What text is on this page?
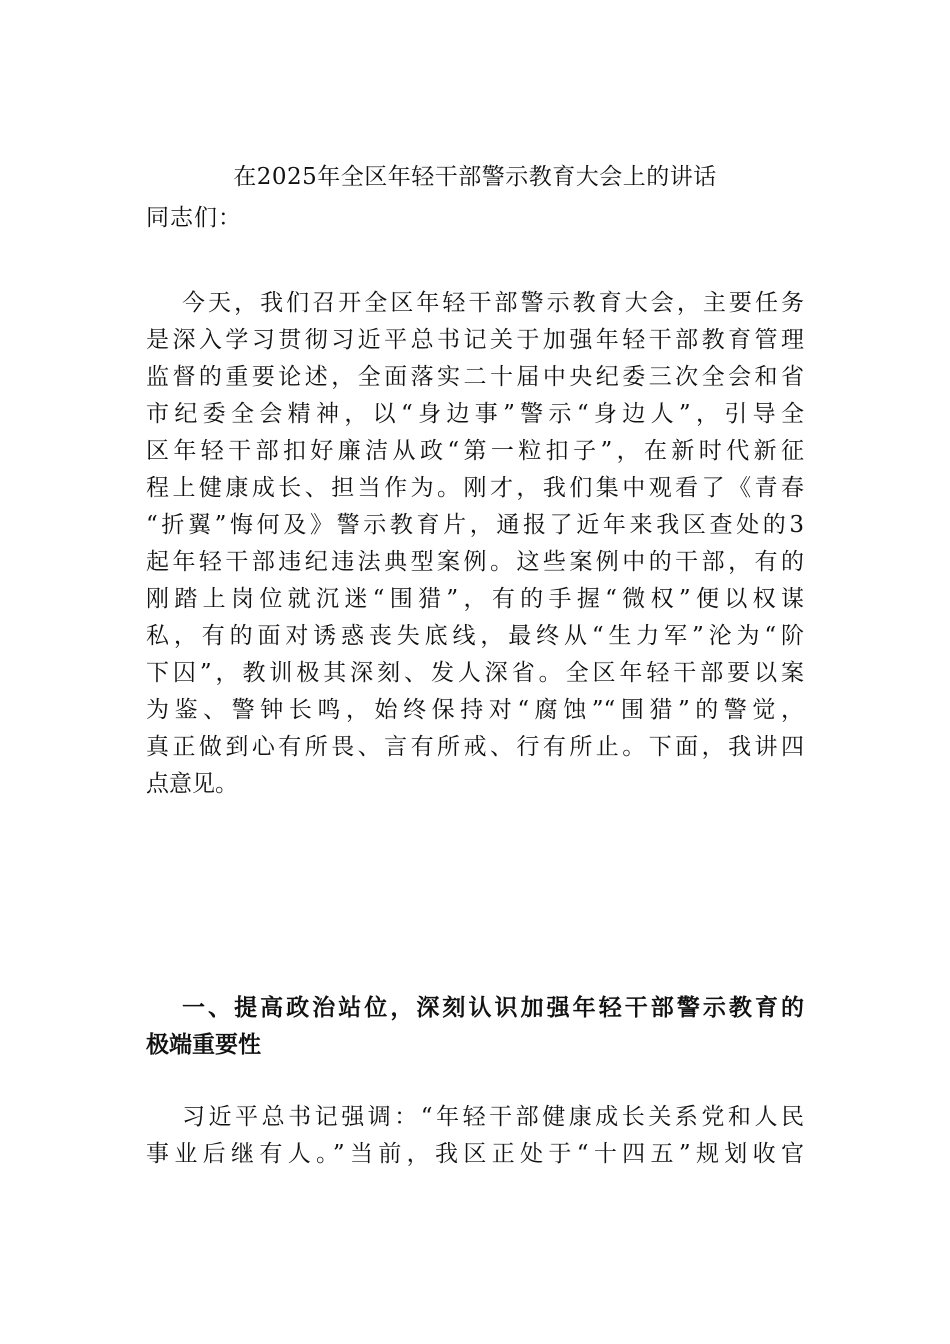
在2025年全区年轻干部警示教育大会上的讲话
同志们：
今天，我们召开全区年轻干部警示教育大会，主要任务
是深入学习贯彻习近平总书记关于加强年轻干部教育管理
监督的重要论述，全面落实二十届中央纪委三次全会和省
市纪委全会精神，以“身边事”警示“身边人”，引导全
区年轻干部扣好廉洁从政“第一粒扣子”，在新时代新征
程上健康成长、担当作为。刚才，我们集中观看了《青春
“折翼”悔何及》警示教育片，通报了近年来我区查处的3
起年轻干部违纪违法典型案例。这些案例中的干部，有的
刚踏上岗位就沉迷“围猎”，有的手握“微权”便以权谋
私，有的面对诱惑丧失底线，最终从“生力军”沦为“阶
下囚”，教训极其深刻、发人深省。全区年轻干部要以案
为鉴、警钟长鸣，始终保持对“腐蚀”“围猎”的警觉，
真正做到心有所畏、言有所戒、行有所止。下面，我讲四
点意见。
一、提高政治站位，深刻认识加强年轻干部警示教育的
极端重要性
习近平总书记强调：“年轻干部健康成长关系党和人民
事业后继有人。”当前，我区正处于“十四五”规划收官
